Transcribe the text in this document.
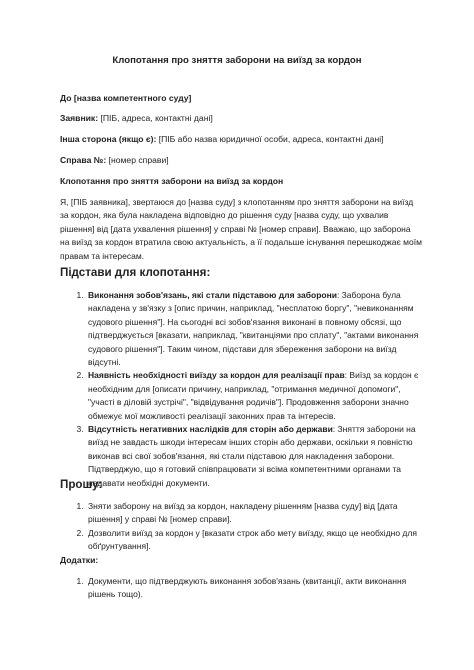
Клопотання про зняття заборони на виїзд за кордон
До [назва компетентного суду]
Заявник: [ПІБ, адреса, контактні дані]
Інша сторона (якщо є): [ПІБ або назва юридичної особи, адреса, контактні дані]
Справа №: [номер справи]
Клопотання про зняття заборони на виїзд за кордон
Я, [ПІБ заявника], звертаюся до [назва суду] з клопотанням про зняття заборони на виїзд за кордон, яка була накладена відповідно до рішення суду [назва суду, що ухвалив рішення] від [дата ухвалення рішення] у справі № [номер справи]. Вважаю, що заборона на виїзд за кордон втратила свою актуальність, а її подальше існування перешкоджає моїм правам та інтересам.
Підстави для клопотання:
1. Виконання зобов'язань, які стали підставою для заборони: Заборона була накладена у зв'язку з [опис причин, наприклад, "несплатою боргу", "невиконанням судового рішення"]. На сьогодні всі зобов'язання виконані в повному обсязі, що підтверджується [вказати, наприклад, "квитанціями про сплату", "актами виконання судового рішення"]. Таким чином, підстави для збереження заборони на виїзд відсутні.
2. Наявність необхідності виїзду за кордон для реалізації прав: Виїзд за кордон є необхідним для [описати причину, наприклад, "отримання медичної допомоги", "участі в діловій зустрічі", "відвідування родичів"]. Продовження заборони значно обмежує мої можливості реалізації законних прав та інтересів.
3. Відсутність негативних наслідків для сторін або держави: Зняття заборони на виїзд не завдасть шкоди інтересам інших сторін або держави, оскільки я повністю виконав всі свої зобов'язання, які стали підставою для накладення заборони. Підтверджую, що я готовий співпрацювати зі всіма компетентними органами та надавати необхідні документи.
Прошу:
1. Зняти заборону на виїзд за кордон, накладену рішенням [назва суду] від [дата рішення] у справі № [номер справи].
2. Дозволити виїзд за кордон у [вказати строк або мету виїзду, якщо це необхідно для обґрунтування].
Додатки:
1. Документи, що підтверджують виконання зобов'язань (квитанції, акти виконання рішень тощо).
